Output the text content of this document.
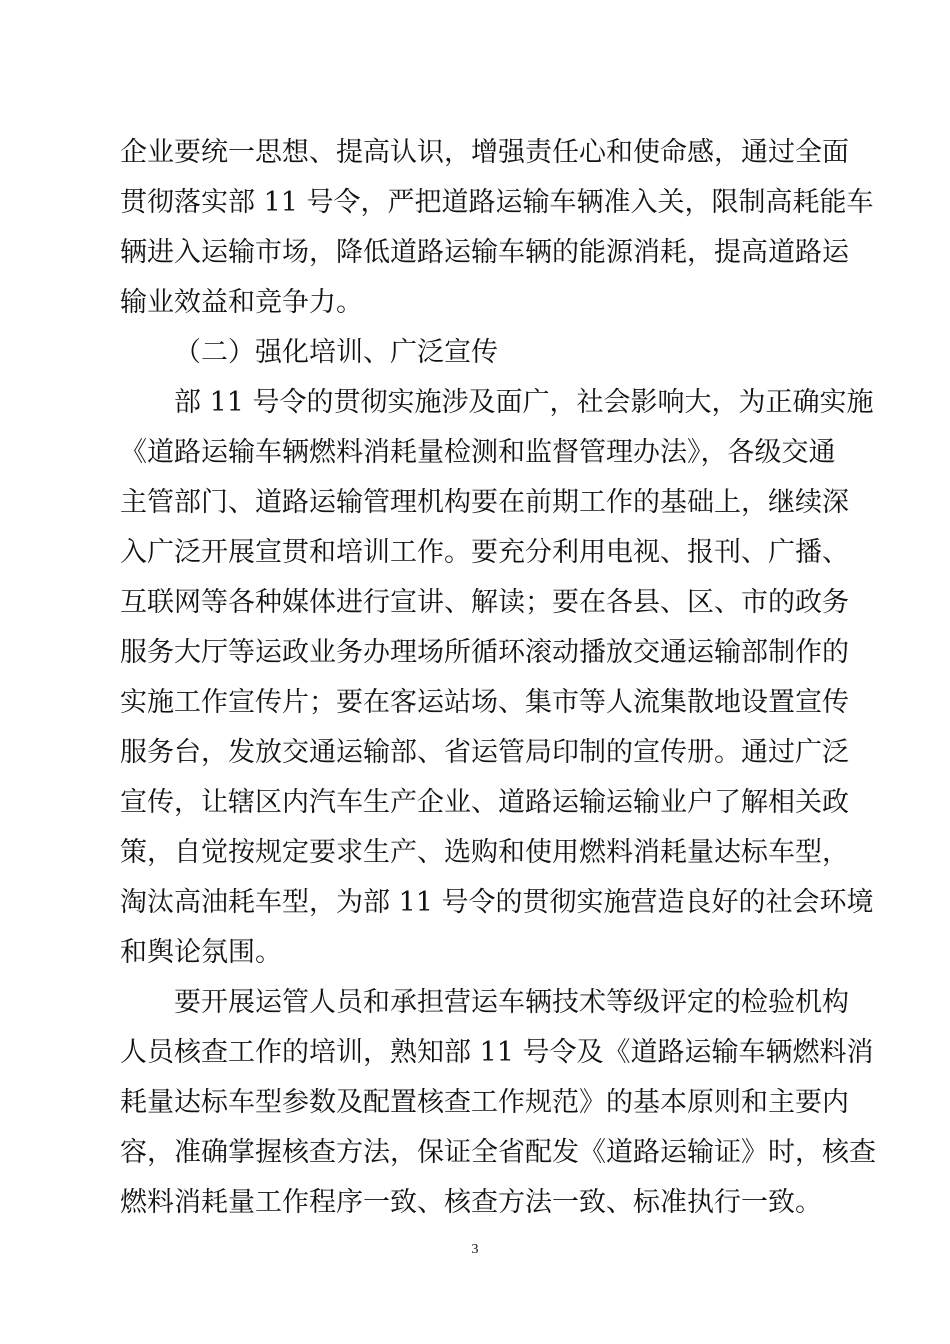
企业要统一思想、提高认识，增强责任心和使命感，通过全面
贯彻落实部 11 号令，严把道路运输车辆准入关，限制高耗能车
辆进入运输市场，降低道路运输车辆的能源消耗，提高道路运
输业效益和竞争力。
（二）强化培训、广泛宣传
部 11 号令的贯彻实施涉及面广，社会影响大，为正确实施
《道路运输车辆燃料消耗量检测和监督管理办法》，各级交通
主管部门、道路运输管理机构要在前期工作的基础上，继续深
入广泛开展宣贯和培训工作。要充分利用电视、报刊、广播、
互联网等各种媒体进行宣讲、解读；要在各县、区、市的政务
服务大厅等运政业务办理场所循环滚动播放交通运输部制作的
实施工作宣传片；要在客运站场、集市等人流集散地设置宣传
服务台，发放交通运输部、省运管局印制的宣传册。通过广泛
宣传，让辖区内汽车生产企业、道路运输运输业户了解相关政
策，自觉按规定要求生产、选购和使用燃料消耗量达标车型，
淘汰高油耗车型，为部 11 号令的贯彻实施营造良好的社会环境
和舆论氛围。
要开展运管人员和承担营运车辆技术等级评定的检验机构
人员核查工作的培训，熟知部 11 号令及《道路运输车辆燃料消
耗量达标车型参数及配置核查工作规范》的基本原则和主要内
容，准确掌握核查方法，保证全省配发《道路运输证》时，核查
燃料消耗量工作程序一致、核查方法一致、标准执行一致。
3
